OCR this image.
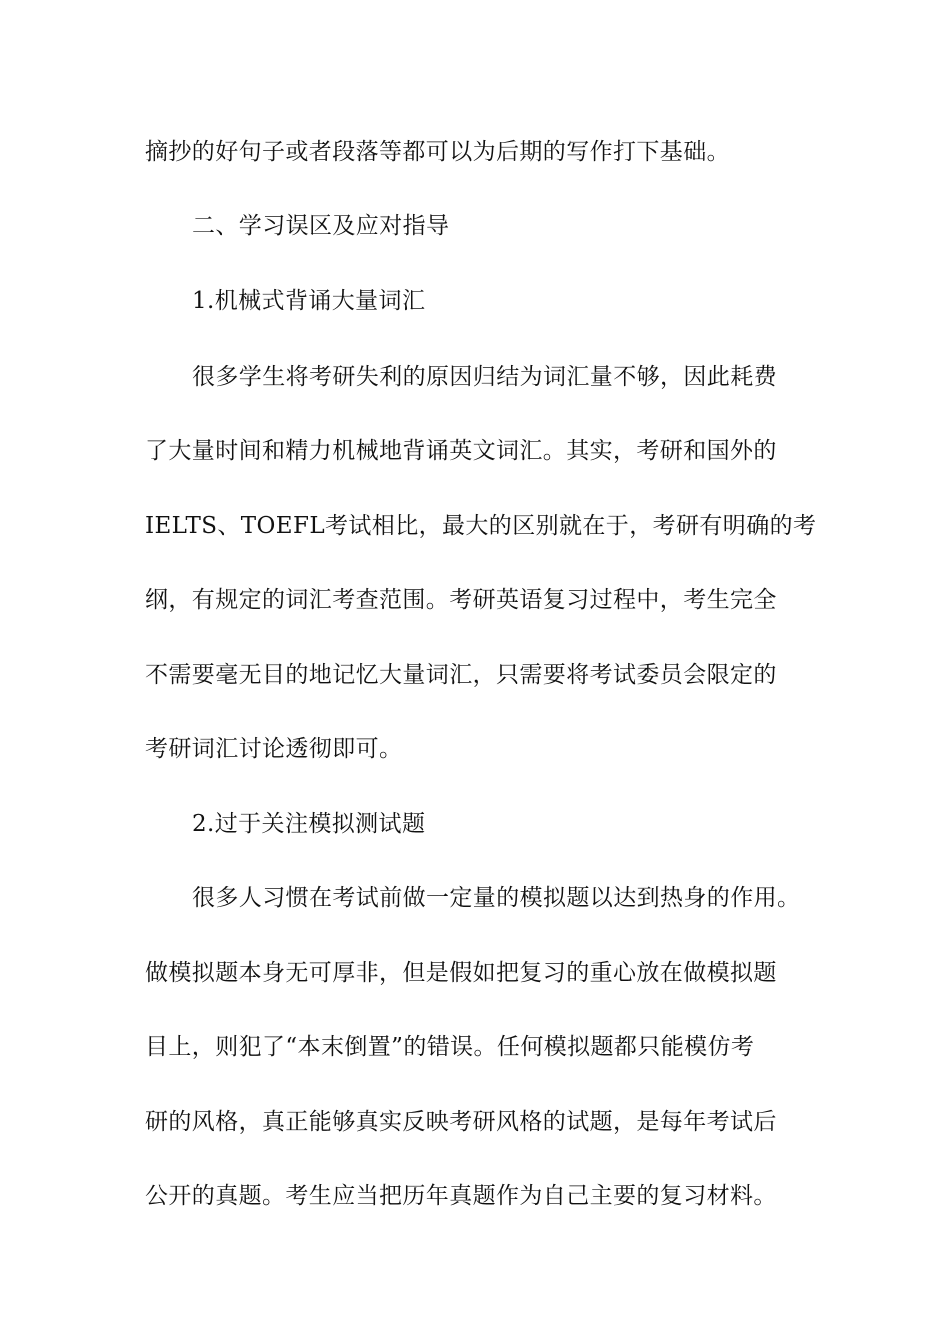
摘抄的好句子或者段落等都可以为后期的写作打下基础。
二、学习误区及应对指导
1.机械式背诵大量词汇
很多学生将考研失利的原因归结为词汇量不够，因此耗费
了大量时间和精力机械地背诵英文词汇。其实，考研和国外的
IELTS、TOEFL考试相比，最大的区别就在于，考研有明确的考
纲，有规定的词汇考查范围。考研英语复习过程中，考生完全
不需要毫无目的地记忆大量词汇，只需要将考试委员会限定的
考研词汇讨论透彻即可。
2.过于关注模拟测试题
很多人习惯在考试前做一定量的模拟题以达到热身的作用。
做模拟题本身无可厚非，但是假如把复习的重心放在做模拟题
目上，则犯了“本末倒置”的错误。任何模拟题都只能模仿考
研的风格，真正能够真实反映考研风格的试题，是每年考试后
公开的真题。考生应当把历年真题作为自己主要的复习材料。
